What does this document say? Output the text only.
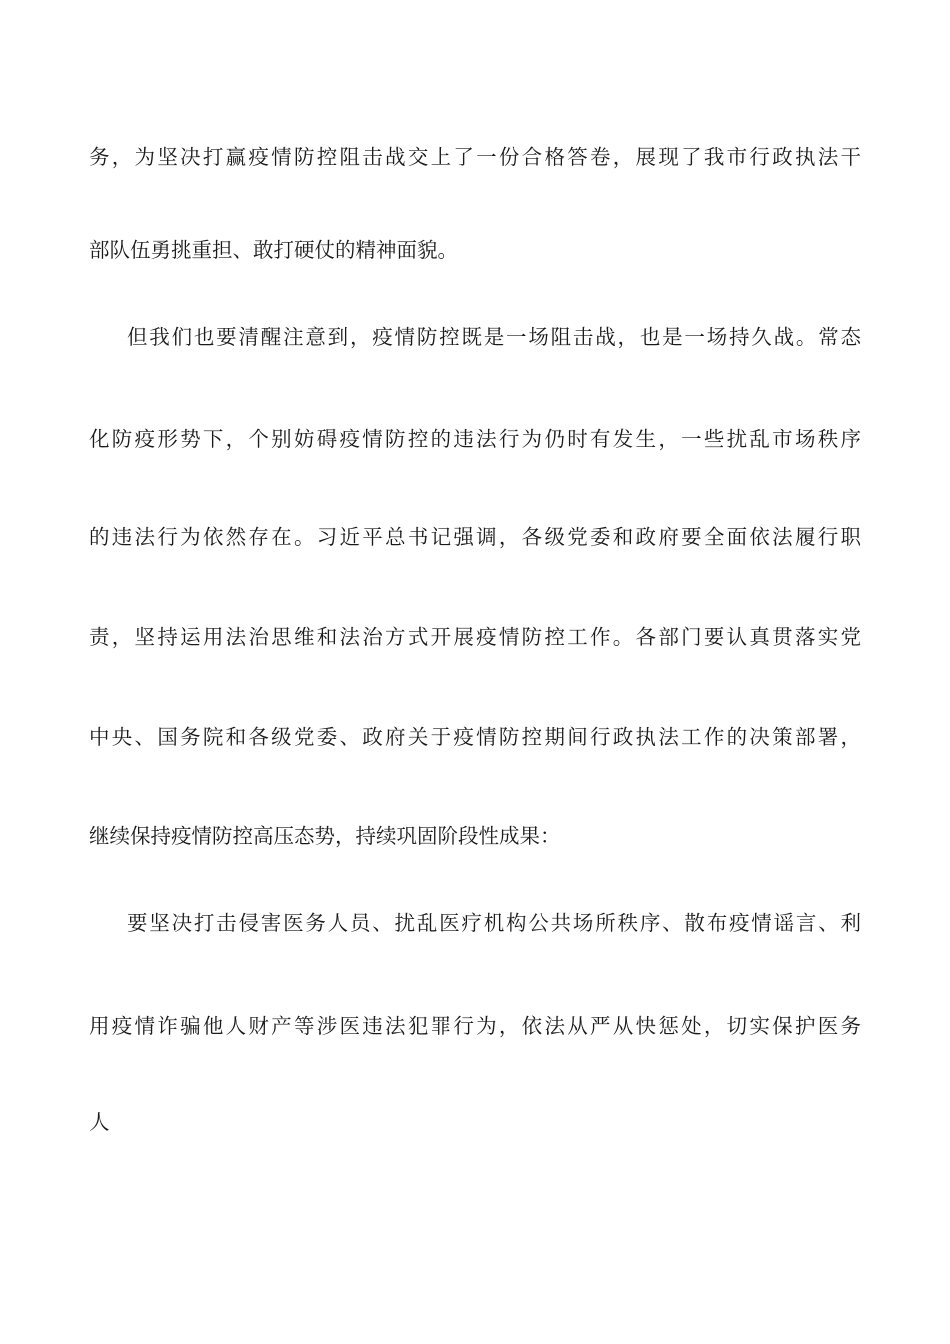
务，为坚决打赢疫情防控阻击战交上了一份合格答卷，展现了我市行政执法干
部队伍勇挑重担、敢打硬仗的精神面貌。
但我们也要清醒注意到，疫情防控既是一场阻击战，也是一场持久战。常态
化防疫形势下，个别妨碍疫情防控的违法行为仍时有发生，一些扰乱市场秩序
的违法行为依然存在。习近平总书记强调，各级党委和政府要全面依法履行职
责，坚持运用法治思维和法治方式开展疫情防控工作。各部门要认真贯落实党
中央、国务院和各级党委、政府关于疫情防控期间行政执法工作的决策部署，
继续保持疫情防控高压态势，持续巩固阶段性成果：
要坚决打击侵害医务人员、扰乱医疗机构公共场所秩序、散布疫情谣言、利
用疫情诈骗他人财产等涉医违法犯罪行为，依法从严从快惩处，切实保护医务
人
